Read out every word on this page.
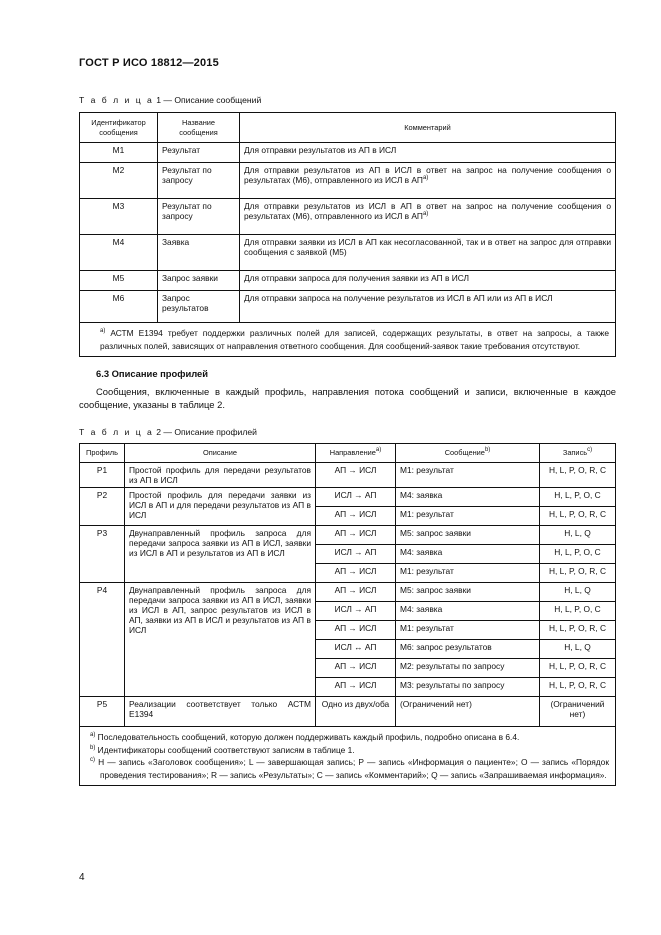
ГОСТ Р ИСО 18812—2015
Т а б л и ц а 1 — Описание сообщений
Идентификатор сообщения	Название сообщения	Комментарий
M1	Результат	Для отправки результатов из АП в ИСЛ
M2	Результат по запросу	Для отправки результатов из АП в ИСЛ в ответ на запрос на получение сообщения о результатах (М6), отправленного из ИСЛ в АП$^{a)}$
M3	Результат по запросу	Для отправки результатов из ИСЛ в АП в ответ на запрос на получение сообщения о результатах (М6), отправленного из ИСЛ в АП$^{a)}$
M4	Заявка	Для отправки заявки из ИСЛ в АП как несогласованной, так и в ответ на запрос для отправки сообщения с заявкой (М5)
M5	Запрос заявки	Для отправки запроса для получения заявки из АП в ИСЛ
M6	Запрос результатов	Для отправки запроса на получение результатов из ИСЛ в АП или из АП в ИСЛ

$^{a)}$ АСТМ Е1394 требует поддержки различных полей для записей, содержащих результаты, в ответ на запросы, а также различных полей, зависящих от направления ответного сообщения. Для сообщений-заявок такие требования отсутствуют.		

6.3 Описание профилей
Сообщения, включенные в каждый профиль, направления потока сообщений и записи, включенные в каждое сообщение, указаны в таблице 2.
Т а б л и ц а 2 — Описание профилей
Профиль	Описание	Направление$^{a)}$	Сообщение$^{b)}$	Запись$^{c)}$
P1	Простой профиль для передачи результатов из АП в ИСЛ	АП → ИСЛ	М1: результат	H, L, P, O, R, C
P2	Простой профиль для передачи заявки из ИСЛ в АП и для передачи результатов из АП в ИСЛ	ИСЛ → АП	М4: заявка	H, L, P, O, C
		АП → ИСЛ	М1: результат	H, L, P, O, R, C
P3	Двунаправленный профиль запроса для передачи запроса заявки из АП в ИСЛ, заявки из ИСЛ в АП и результатов из АП в ИСЛ	АП → ИСЛ	М5: запрос заявки	H, L, Q
		ИСЛ → АП	М4: заявка	H, L, P, O, C
		АП → ИСЛ	М1: результат	H, L, P, O, R, C
P4	Двунаправленный профиль запроса для передачи запроса заявки из АП в ИСЛ, заявки из ИСЛ в АП, запрос результатов из ИСЛ в АП, заявки из АП в ИСЛ и результатов из АП в ИСЛ	АП → ИСЛ	М5: запрос заявки	H, L, Q
		ИСЛ → АП	М4: заявка	H, L, P, O, C
		АП → ИСЛ	М1: результат	H, L, P, O, R, C
		ИСЛ ↔ АП	М6: запрос результатов	H, L, Q
		АП → ИСЛ	М2: результаты по запросу	H, L, P, O, R, C
		АП → ИСЛ	М3: результаты по запросу	H, L, P, O, R, C
P5	Реализации соответствует только АСТМ Е1394	Одно из двух/оба	(Ограничений нет)	(Ограничений нет)

$^{a)}$ Последовательность сообщений, которую должен поддерживать каждый профиль, подробно описана в 6.4.

$^{b)}$ Идентификаторы сообщений соответствуют записям в таблице 1.

$^{c)}$ H — запись «Заголовок сообщения»; L — завершающая запись; Р — запись «Информация о пациенте»; О — запись «Порядок проведения тестирования»; R — запись «Результаты»; С — запись «Комментарий»; Q — запись «Запрашиваемая информация».				

4
